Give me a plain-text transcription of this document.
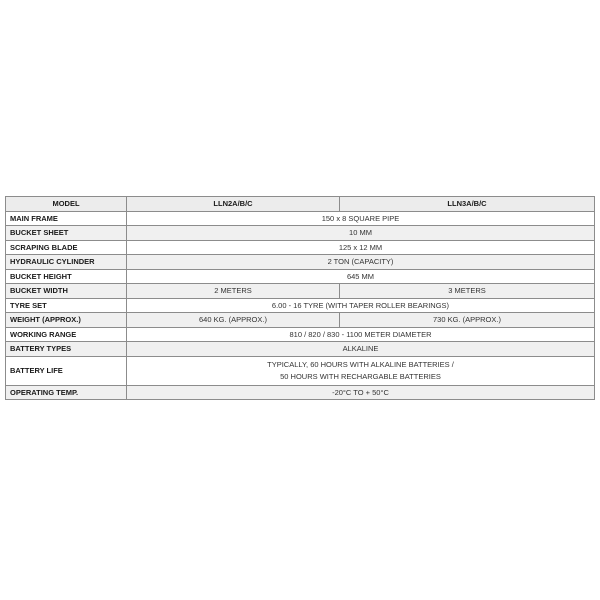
MODEL	LLN2A/B/C	LLN3A/B/C
MAIN FRAME	150 x 8 SQUARE PIPE	
BUCKET SHEET	10 MM	
SCRAPING BLADE	125 x 12 MM	
HYDRAULIC CYLINDER	2 TON (CAPACITY)	
BUCKET HEIGHT	645 MM	
BUCKET WIDTH	2 METERS	3 METERS
TYRE SET	6.00 - 16 TYRE (WITH TAPER ROLLER BEARINGS)	
WEIGHT (APPROX.)	640 KG. (APPROX.)	730 KG. (APPROX.)
WORKING RANGE	810 / 820 / 830 - 1100 METER DIAMETER	
BATTERY TYPES	ALKALINE	
BATTERY LIFE	TYPICALLY, 60 HOURS WITH ALKALINE BATTERIES /
50 HOURS WITH RECHARGABLE BATTERIES	

OPERATING TEMP.	-20°C TO + 50°C	
